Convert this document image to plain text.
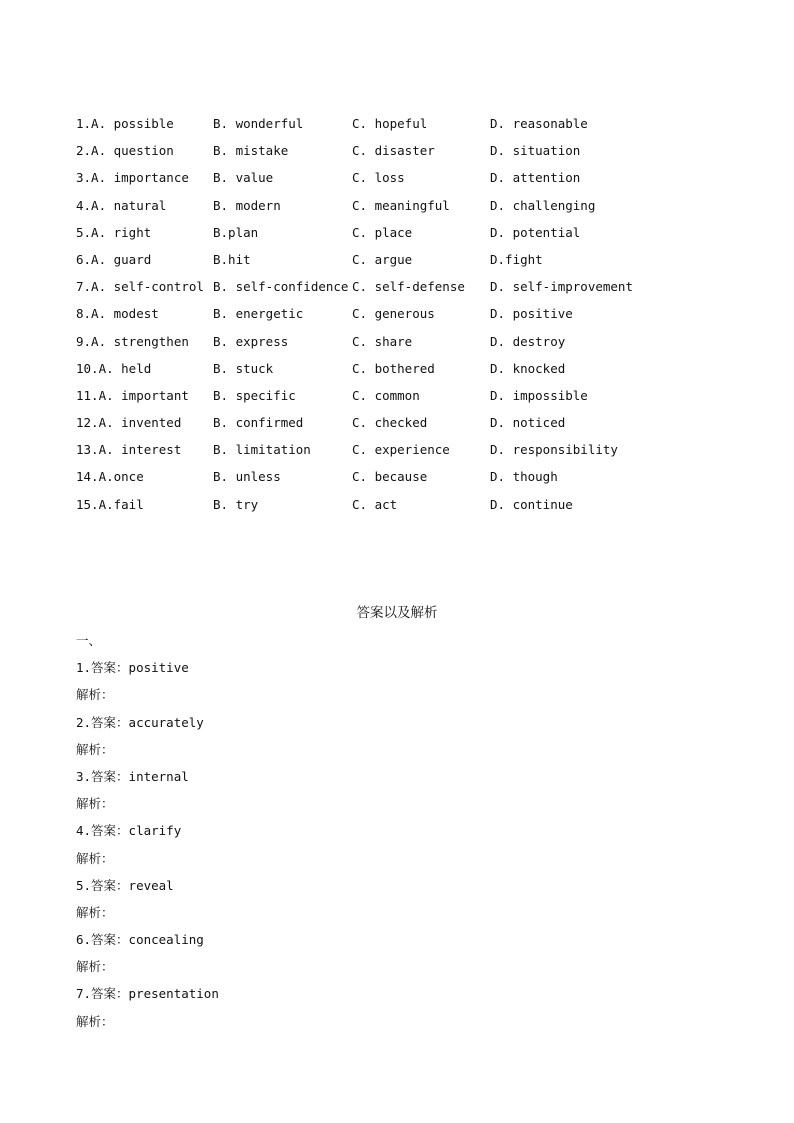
1.A. possible	B. wonderful	C. hopeful	D. reasonable
2.A. question	B. mistake	C. disaster	D. situation
3.A. importance B. value	C. loss	D. attention
4.A. natural	B. modern	C. meaningful	D. challenging
5.A. right	B.plan	C. place	D. potential
6.A. guard	B.hit	C. argue	D.fight
7.A. self-control B. self-confidence C. self-defense D. self-improvement
8.A. modest	B. energetic	C. generous	D. positive
9.A. strengthen B. express	C. share	D. destroy
10.A. held	B. stuck	C. bothered	D. knocked
11.A. important B. specific	C. common	D. impossible
12.A. invented	B. confirmed	C. checked	D. noticed
13.A. interest	B. limitation	C. experience	D. responsibility
14.A.once	B. unless	C. because	D. though
15.A.fail	B. try	C. act	D. continue
答案以及解析
一、
1.答案：positive
解析：
2.答案：accurately
解析：
3.答案：internal
解析：
4.答案：clarify
解析：
5.答案：reveal
解析：
6.答案：concealing
解析：
7.答案：presentation
解析：
